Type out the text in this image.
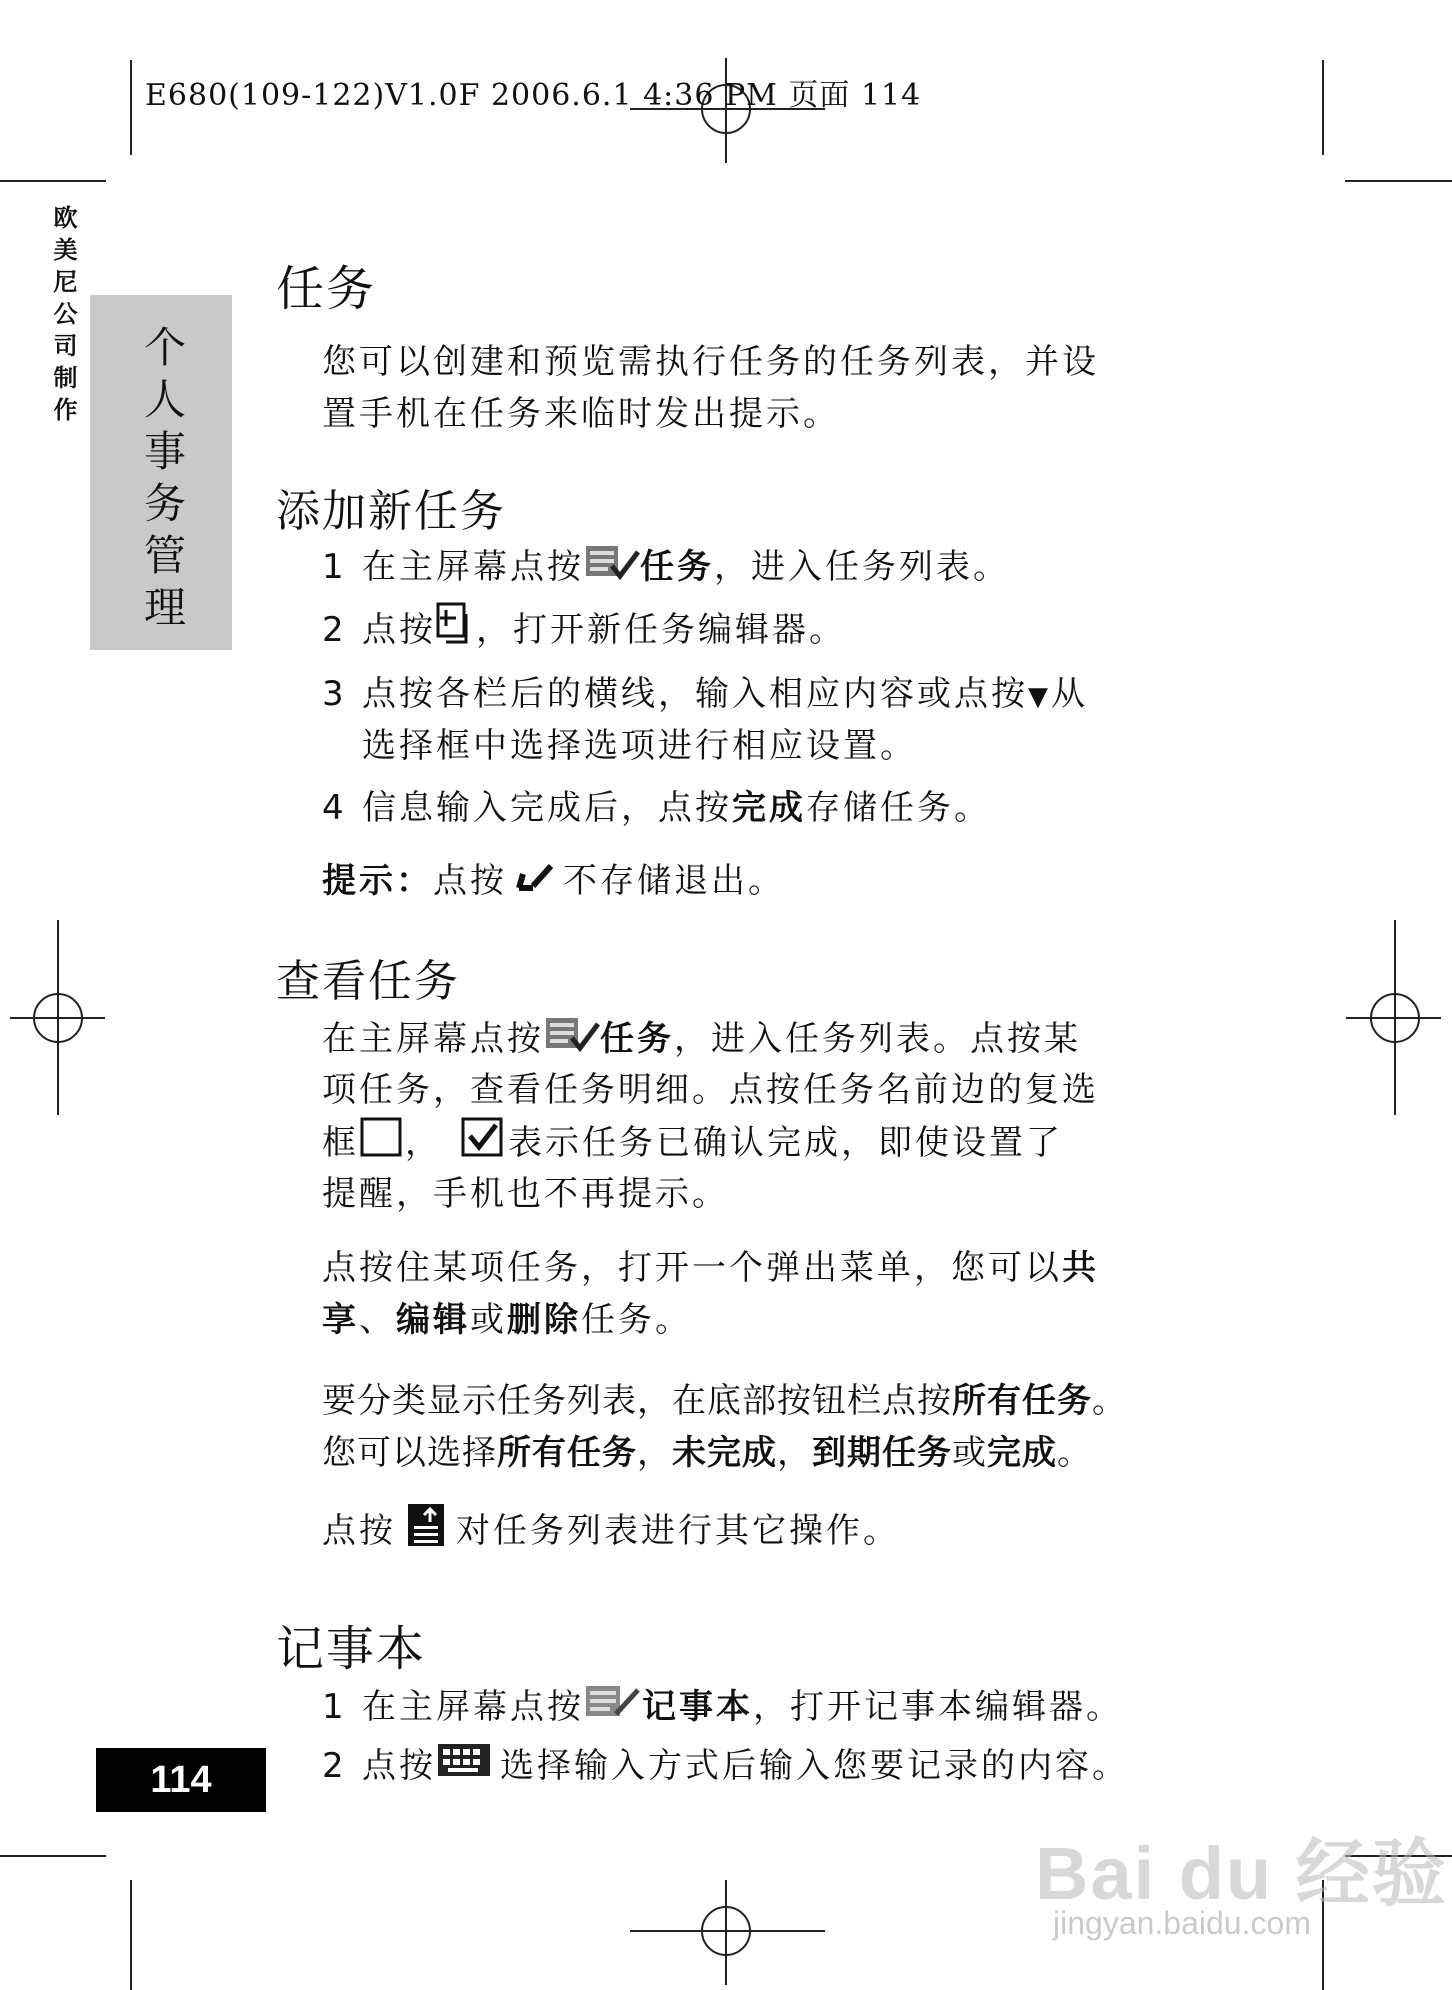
E680(109-122)V1.0F 2006.6.1 4:36 PM 页面 114
欧美尼公司制作
个人事务管理
任务
您可以创建和预览需执行任务的任务列表，并设
置手机在任务来临时发出提示。
添加新任务
1 在主屏幕点按 任务，进入任务列表。
2 点按 ，打开新任务编辑器。
3 点按各栏后的横线，输入相应内容或点按▼从
选择框中选择选项进行相应设置。
4 信息输入完成后，点按完成存储任务。
提示：点按 不存储退出。
查看任务
在主屏幕点按 任务，进入任务列表。点按某
项任务，查看任务明细。点按任务名前边的复选
框 ， 表示任务已确认完成，即使设置了
提醒，手机也不再提示。
点按住某项任务，打开一个弹出菜单，您可以共
享、编辑或删除任务。
要分类显示任务列表，在底部按钮栏点按所有任务。
您可以选择所有任务，未完成，到期任务或完成。
点按 对任务列表进行其它操作。
记事本
1 在主屏幕点按 记事本，打开记事本编辑器。
2 点按 选择输入方式后输入您要记录的内容。
114
Bai du 经验
jingyan.baidu.com
